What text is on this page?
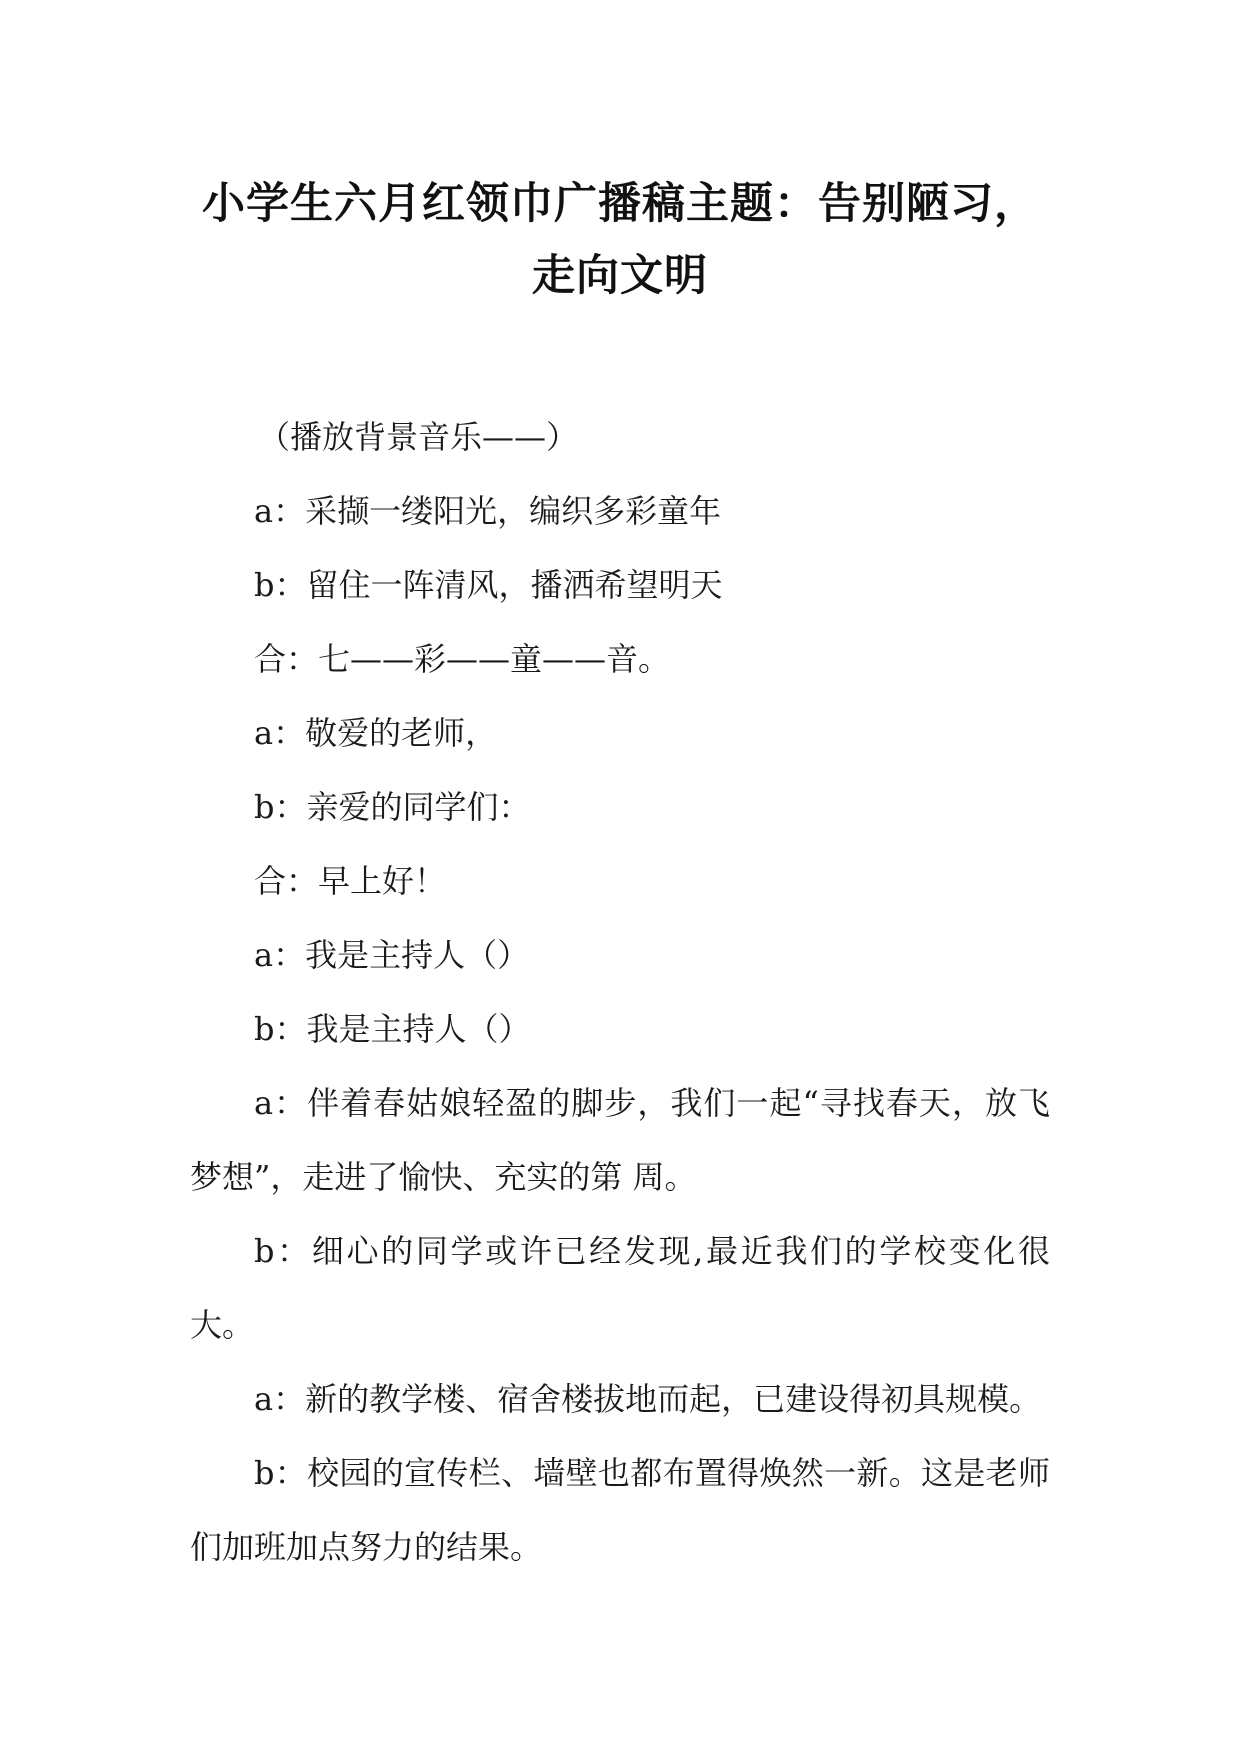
小学生六月红领巾广播稿主题：告别陋习，
走向文明

（播放背景音乐——）

a：采撷一缕阳光，编织多彩童年

b：留住一阵清风，播洒希望明天

合：七——彩——童——音。

a：敬爱的老师，

b：亲爱的同学们：

合：早上好！

a：我是主持人（）

b：我是主持人（）

a：伴着春姑娘轻盈的脚步，我们一起“寻找春天，放飞梦想”，走进了愉快、充实的第 周。

b：细心的同学或许已经发现,最近我们的学校变化很大。

a：新的教学楼、宿舍楼拔地而起，已建设得初具规模。

b：校园的宣传栏、墙壁也都布置得焕然一新。这是老师们加班加点努力的结果。
